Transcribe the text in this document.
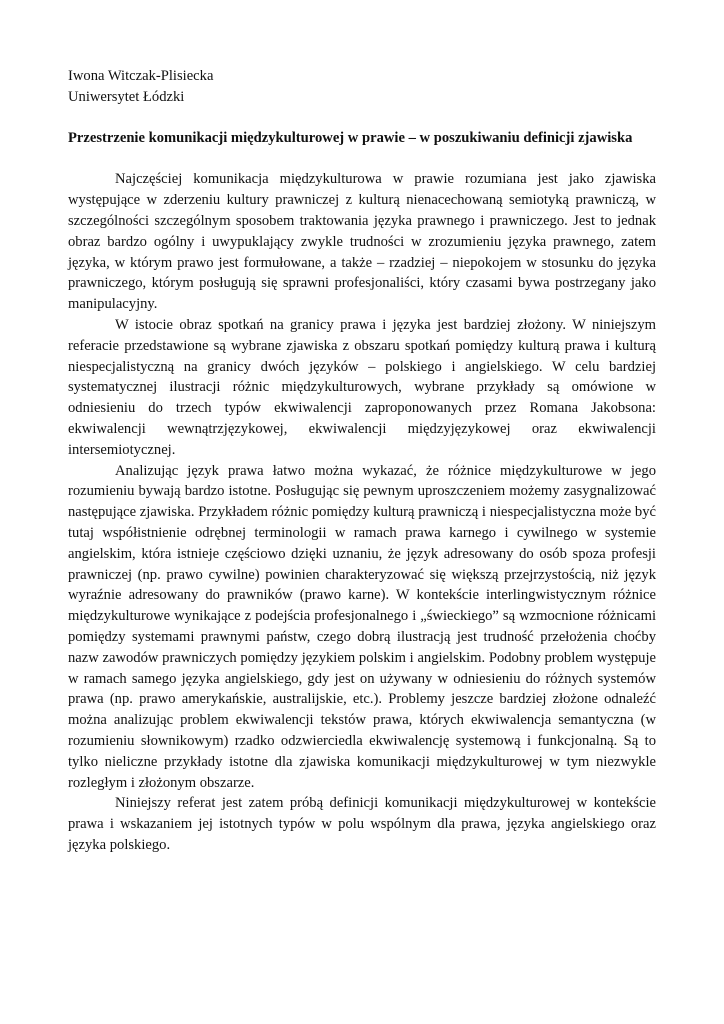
Iwona Witczak-Plisiecka

Uniwersytet Łódzki

Przestrzenie komunikacji międzykulturowej w prawie – w poszukiwaniu definicji zjawiska

Najczęściej komunikacja międzykulturowa w prawie rozumiana jest jako zjawiska występujące w zderzeniu kultury prawniczej z kulturą nienacechowaną semiotyką prawniczą, w szczególności szczególnym sposobem traktowania języka prawnego i prawniczego. Jest to jednak obraz bardzo ogólny i uwypuklający zwykle trudności w zrozumieniu języka prawnego, zatem języka, w którym prawo jest formułowane, a także – rzadziej – niepokojem w stosunku do języka prawniczego, którym posługują się sprawni profesjonaliści, który czasami bywa postrzegany jako manipulacyjny.

W istocie obraz spotkań na granicy prawa i języka jest bardziej złożony. W niniejszym referacie przedstawione są wybrane zjawiska z obszaru spotkań pomiędzy kulturą prawa i kulturą niespecjalistyczną na granicy dwóch języków – polskiego i angielskiego. W celu bardziej systematycznej ilustracji różnic międzykulturowych, wybrane przykłady są omówione w odniesieniu do trzech typów ekwiwalencji zaproponowanych przez Romana Jakobsona: ekwiwalencji wewnątrzjęzykowej, ekwiwalencji międzyjęzykowej oraz ekwiwalencji intersemiotycznej.

Analizując język prawa łatwo można wykazać, że różnice międzykulturowe w jego rozumieniu bywają bardzo istotne. Posługując się pewnym uproszczeniem możemy zasygnalizować następujące zjawiska. Przykładem różnic pomiędzy kulturą prawniczą i niespecjalistyczna może być tutaj współistnienie odrębnej terminologii w ramach prawa karnego i cywilnego w systemie angielskim, która istnieje częściowo dzięki uznaniu, że język adresowany do osób spoza profesji prawniczej (np. prawo cywilne) powinien charakteryzować się większą przejrzystością, niż język wyraźnie adresowany do prawników (prawo karne). W kontekście interlingwistycznym różnice międzykulturowe wynikające z podejścia profesjonalnego i „świeckiego” są wzmocnione różnicami pomiędzy systemami prawnymi państw, czego dobrą ilustracją jest trudność przełożenia choćby nazw zawodów prawniczych pomiędzy językiem polskim i angielskim. Podobny problem występuje w ramach samego języka angielskiego, gdy jest on używany w odniesieniu do różnych systemów prawa (np. prawo amerykańskie, australijskie, etc.). Problemy jeszcze bardziej złożone odnaleźć można analizując problem ekwiwalencji tekstów prawa, których ekwiwalencja semantyczna (w rozumieniu słownikowym) rzadko odzwierciedla ekwiwalencję systemową i funkcjonalną. Są to tylko nieliczne przykłady istotne dla zjawiska komunikacji międzykulturowej w tym niezwykle rozległym i złożonym obszarze.

Niniejszy referat jest zatem próbą definicji komunikacji międzykulturowej w kontekście prawa i wskazaniem jej istotnych typów w polu wspólnym dla prawa, języka angielskiego oraz języka polskiego.
